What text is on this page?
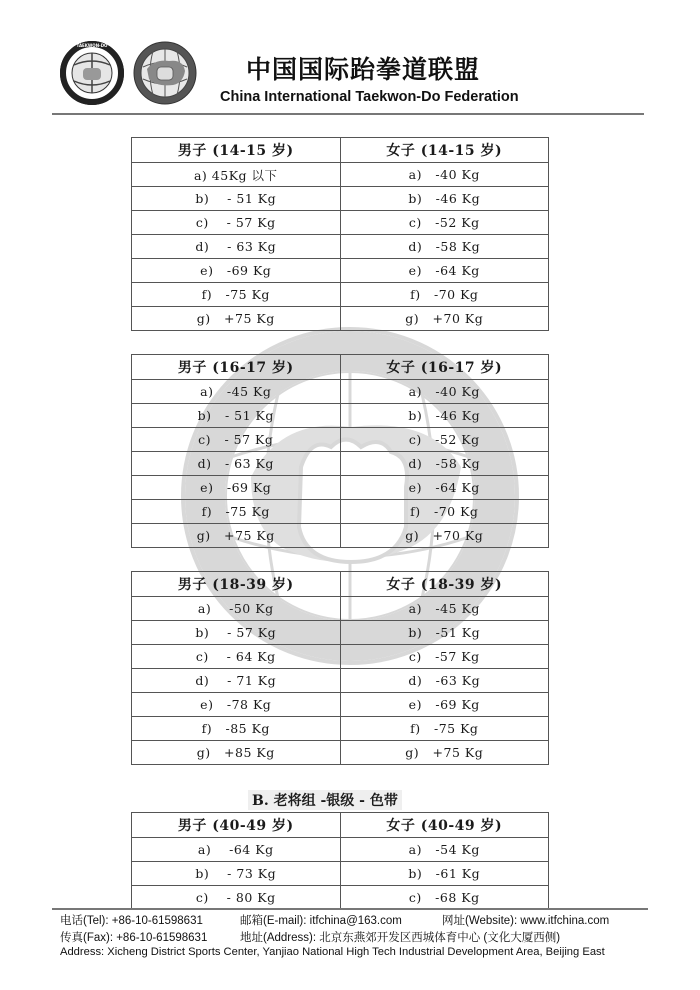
TAEKWON-DO
中国国际跆拳道联盟
China International Taekwon-Do Federation
男子 (14-15 岁)	女子 (14-15 岁)
a) 45Kg 以下	a)   -40 Kg
b)    - 51 Kg	b)   -46 Kg
c)    - 57 Kg	c)   -52 Kg
d)    - 63 Kg	d)   -58 Kg
e)   -69 Kg	e)   -64 Kg
f)   -75 Kg	f)   -70 Kg
g)   +75 Kg	g)   +70 Kg
男子 (16-17 岁)	女子 (16-17 岁)
a)   -45 Kg	a)   -40 Kg
b)   - 51 Kg	b)   -46 Kg
c)   - 57 Kg	c)   -52 Kg
d)   - 63 Kg	d)   -58 Kg
e)   -69 Kg	e)   -64 Kg
f)   -75 Kg	f)   -70 Kg
g)   +75 Kg	g)   +70 Kg
男子 (18-39 岁)	女子 (18-39 岁)
a)    -50 Kg	a)   -45 Kg
b)    - 57 Kg	b)   -51 Kg
c)    - 64 Kg	c)   -57 Kg
d)    - 71 Kg	d)   -63 Kg
e)   -78 Kg	e)   -69 Kg
f)   -85 Kg	f)   -75 Kg
g)   +85 Kg	g)   +75 Kg
B. 老将组 -银级 - 色带
男子 (40-49 岁)	女子 (40-49 岁)
a)    -64 Kg	a)   -54 Kg
b)    - 73 Kg	b)   -61 Kg
c)    - 80 Kg	c)   -68 Kg
电话(Tel): +86-10-61598631	邮箱(E-mail): itfchina@163.com	网址(Website): www.itfchina.com
传真(Fax): +86-10-61598631	地址(Address): 北京东燕郊开发区西城体育中心 (文化大厦西侧)
Address: Xicheng District Sports Center, Yanjiao National High Tech Industrial Development Area, Beijing East
